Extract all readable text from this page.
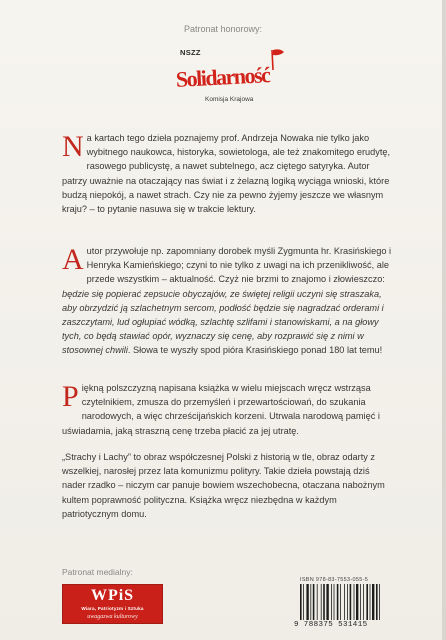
Patronat honorowy:
NSZZ
Solidarność
Komisja Krajowa
N a kartach tego dzieła poznajemy prof. Andrzeja Nowaka nie tylko jako wybitnego naukowca, historyka, sowietologa, ale też znakomitego erudytę, rasowego publicystę, a nawet subtelnego, acz ciętego satyryka. Autor patrzy uważnie na otaczający nas świat i z żelazną logiką wyciąga wnioski, które budzą niepokój, a nawet strach. Czy nie za pewno żyjemy jeszcze we własnym kraju? – to pytanie nasuwa się w trakcie lektury.
A utor przywołuje np. zapomniany dorobek myśli Zygmunta hr. Krasińskiego i Henryka Kamieńskiego; czyni to nie tylko z uwagi na ich przenikliwość, ale przede wszystkim – aktualność. Czyż nie brzmi to znajomo i złowieszczo: będzie się popierać zepsucie obyczajów, ze świętej religii uczyni się straszaka, aby obrzydzić ją szlachetnym sercom, podłość będzie się nagradzać orderami i zaszczytami, lud ogłupiać wódką, szlachtę szlifami i stanowiskami, a na głowy tych, co będą stawiać opór, wyznaczy się cenę, aby rozprawić się z nimi w stosownej chwili. Słowa te wyszły spod pióra Krasińskiego ponad 180 lat temu!
P iękną polszczyzną napisana książka w wielu miejscach wręcz wstrząsa czytelnikiem, zmusza do przemyśleń i przewartościowań, do szukania narodowych, a więc chrześcijańskich korzeni. Utrwala narodową pamięć i uświadamia, jaką straszną cenę trzeba płacić za jej utratę.
„Strachy i Lachy” to obraz współczesnej Polski z historią w tle, obraz odarty z wszelkiej, narosłej przez lata komunizmu polityry. Takie dzieła powstają dziś nader rzadko – niczym car panuje bowiem wszechobecna, otaczana nabożnym kultem poprawność polityczna. Książka wręcz niezbędna w każdym patriotycznym domu.
Patronat medialny:
WPiS
Wiara, Patriotyzm i Sztuka
uwagazwa kulturowy
ISBN 978-83-7553-055-5
9 788375 531415
